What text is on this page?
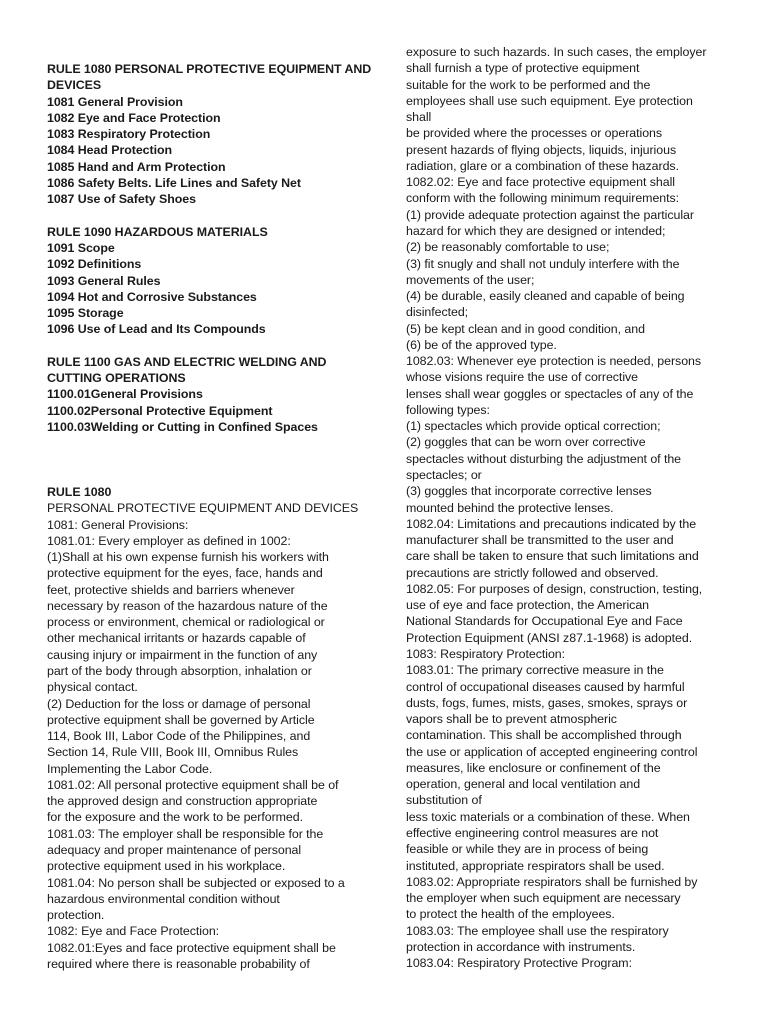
RULE 1080 PERSONAL PROTECTIVE EQUIPMENT AND
DEVICES
1081 General Provision
1082 Eye and Face Protection
1083 Respiratory Protection
1084 Head Protection
1085 Hand and Arm Protection
1086 Safety Belts. Life Lines and Safety Net
1087 Use of Safety Shoes
RULE 1090 HAZARDOUS MATERIALS
1091 Scope
1092 Definitions
1093 General Rules
1094 Hot and Corrosive Substances
1095 Storage
1096 Use of Lead and Its Compounds
RULE 1100 GAS AND ELECTRIC WELDING AND
CUTTING OPERATIONS
1100.01General Provisions
1100.02Personal Protective Equipment
1100.03Welding or Cutting in Confined Spaces
RULE 1080
PERSONAL PROTECTIVE EQUIPMENT AND DEVICES
1081: General Provisions:
1081.01: Every employer as defined in 1002:
(1)Shall at his own expense furnish his workers with
protective equipment for the eyes, face, hands and
feet, protective shields and barriers whenever
necessary by reason of the hazardous nature of the
process or environment, chemical or radiological or
other mechanical irritants or hazards capable of
causing injury or impairment in the function of any
part of the body through absorption, inhalation or
physical contact.
(2) Deduction for the loss or damage of personal
protective equipment shall be governed by Article
114, Book III, Labor Code of the Philippines, and
Section 14, Rule VIII, Book III, Omnibus Rules
Implementing the Labor Code.
1081.02: All personal protective equipment shall be of
the approved design and construction appropriate
for the exposure and the work to be performed.
1081.03: The employer shall be responsible for the
adequacy and proper maintenance of personal
protective equipment used in his workplace.
1081.04: No person shall be subjected or exposed to a
hazardous environmental condition without
protection.
1082: Eye and Face Protection:
1082.01:Eyes and face protective equipment shall be
required where there is reasonable probability of
exposure to such hazards. In such cases, the employer
shall furnish a type of protective equipment
suitable for the work to be performed and the
employees shall use such equipment. Eye protection
shall
be provided where the processes or operations
present hazards of flying objects, liquids, injurious
radiation, glare or a combination of these hazards.
1082.02: Eye and face protective equipment shall
conform with the following minimum requirements:
(1) provide adequate protection against the particular
hazard for which they are designed or intended;
(2) be reasonably comfortable to use;
(3) fit snugly and shall not unduly interfere with the
movements of the user;
(4) be durable, easily cleaned and capable of being
disinfected;
(5) be kept clean and in good condition, and
(6) be of the approved type.
1082.03: Whenever eye protection is needed, persons
whose visions require the use of corrective
lenses shall wear goggles or spectacles of any of the
following types:
(1) spectacles which provide optical correction;
(2) goggles that can be worn over corrective
spectacles without disturbing the adjustment of the
spectacles; or
(3) goggles that incorporate corrective lenses
mounted behind the protective lenses.
1082.04: Limitations and precautions indicated by the
manufacturer shall be transmitted to the user and
care shall be taken to ensure that such limitations and
precautions are strictly followed and observed.
1082.05: For purposes of design, construction, testing,
use of eye and face protection, the American
National Standards for Occupational Eye and Face
Protection Equipment (ANSI z87.1-1968) is adopted.
1083: Respiratory Protection:
1083.01: The primary corrective measure in the
control of occupational diseases caused by harmful
dusts, fogs, fumes, mists, gases, smokes, sprays or
vapors shall be to prevent atmospheric
contamination. This shall be accomplished through
the use or application of accepted engineering control
measures, like enclosure or confinement of the
operation, general and local ventilation and
substitution of
less toxic materials or a combination of these. When
effective engineering control measures are not
feasible or while they are in process of being
instituted, appropriate respirators shall be used.
1083.02: Appropriate respirators shall be furnished by
the employer when such equipment are necessary
to protect the health of the employees.
1083.03: The employee shall use the respiratory
protection in accordance with instruments.
1083.04: Respiratory Protective Program:
